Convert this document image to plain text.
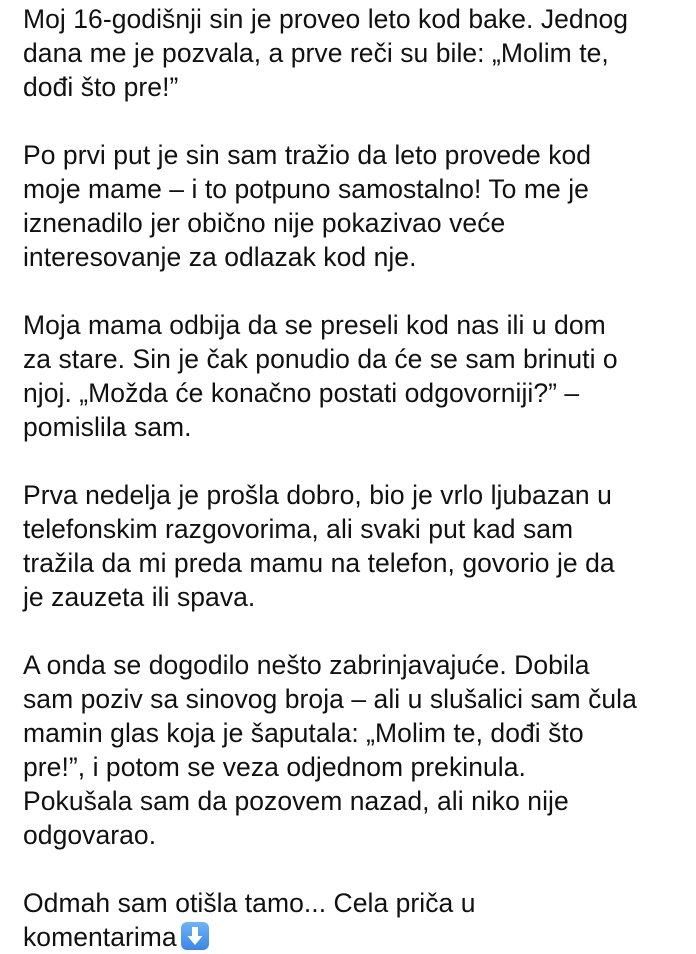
Moj 16-godišnji sin je proveo leto kod bake. Jednog
dana me je pozvala, a prve reči su bile: „Molim te,
dođi što pre!”
Po prvi put je sin sam tražio da leto provede kod
moje mame – i to potpuno samostalno! To me je
iznenadilo jer obično nije pokazivao veće
interesovanje za odlazak kod nje.
Moja mama odbija da se preseli kod nas ili u dom
za stare. Sin je čak ponudio da će se sam brinuti o
njoj. „Možda će konačno postati odgovorniji?” –
pomislila sam.
Prva nedelja je prošla dobro, bio je vrlo ljubazan u
telefonskim razgovorima, ali svaki put kad sam
tražila da mi preda mamu na telefon, govorio je da
je zauzeta ili spava.
A onda se dogodilo nešto zabrinjavajuće. Dobila
sam poziv sa sinovog broja – ali u slušalici sam čula
mamin glas koja je šaputala: „Molim te, dođi što
pre!”, i potom se veza odjednom prekinula.
Pokušala sam da pozovem nazad, ali niko nije
odgovarao.
Odmah sam otišla tamo... Cela priča u
komentarima
